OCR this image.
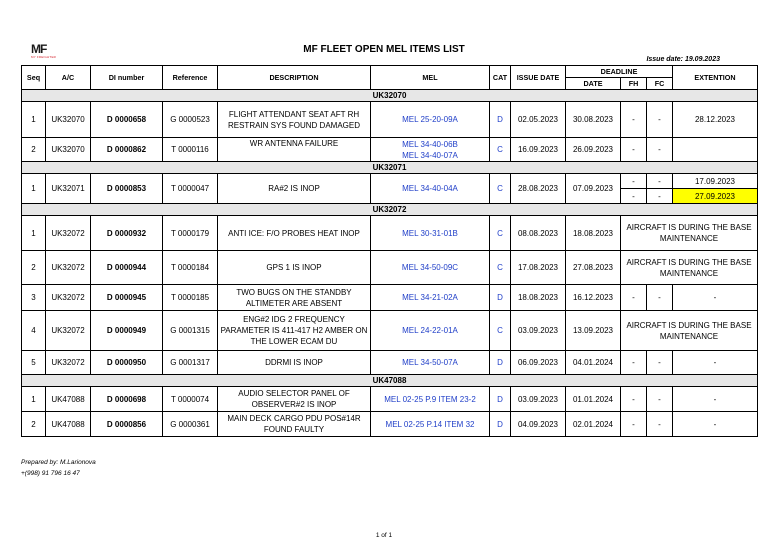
MF
MY FREIGHTER
MF FLEET OPEN MEL ITEMS LIST
Issue date: 19.09.2023
Seq	A/C	DI number	Reference	DESCRIPTION	MEL	CAT	ISSUE DATE	DEADLINE			EXTENTION
								DATE	FH	FC	
UK32070											
1	UK32070	D 0000658	G 0000523	FLIGHT ATTENDANT SEAT AFT RH RESTRAIN SYS FOUND DAMAGED	MEL 25-20-09A	D	02.05.2023	30.08.2023	-	-	28.12.2023
2	UK32070	D 0000862	T 0000116	WR ANTENNA FAILURE	MEL 34-40-06B
MEL 34-40-07A	C	16.09.2023	26.09.2023	-	-	
UK32071											
1	UK32071	D 0000853	T 0000047	RA#2 IS INOP	MEL 34-40-04A	C	28.08.2023	07.09.2023	-	-	17.09.2023
									-	-	27.09.2023
UK32072											
1	UK32072	D 0000932	T 0000179	ANTI ICE: F/O PROBES HEAT INOP	MEL 30-31-01B	C	08.08.2023	18.08.2023	AIRCRAFT IS DURING THE BASE MAINTENANCE		
2	UK32072	D 0000944	T 0000184	GPS 1 IS INOP	MEL 34-50-09C	C	17.08.2023	27.08.2023	AIRCRAFT IS DURING THE BASE MAINTENANCE		
3	UK32072	D 0000945	T 0000185	TWO BUGS ON THE STANDBY ALTIMETER ARE ABSENT	MEL 34-21-02A	D	18.08.2023	16.12.2023	-	-	-
4	UK32072	D 0000949	G 0001315	ENG#2 IDG 2 FREQUENCY PARAMETER IS 411-417 H2 AMBER ON THE LOWER ECAM DU	MEL 24-22-01A	C	03.09.2023	13.09.2023	AIRCRAFT IS DURING THE BASE MAINTENANCE		
5	UK32072	D 0000950	G 0001317	DDRMI IS INOP	MEL 34-50-07A	D	06.09.2023	04.01.2024	-	-	-
UK47088											
1	UK47088	D 0000698	T 0000074	AUDIO SELECTOR PANEL OF OBSERVER#2 IS INOP	MEL 02-25 P.9 ITEM 23-2	D	03.09.2023	01.01.2024	-	-	-
2	UK47088	D 0000856	G 0000361	MAIN DECK CARGO PDU POS#14R FOUND FAULTY	MEL 02-25 P.14 ITEM 32	D	04.09.2023	02.01.2024	-	-	-
Prepared by: M.Larionova
+(998) 91 796 16 47
1 of 1
